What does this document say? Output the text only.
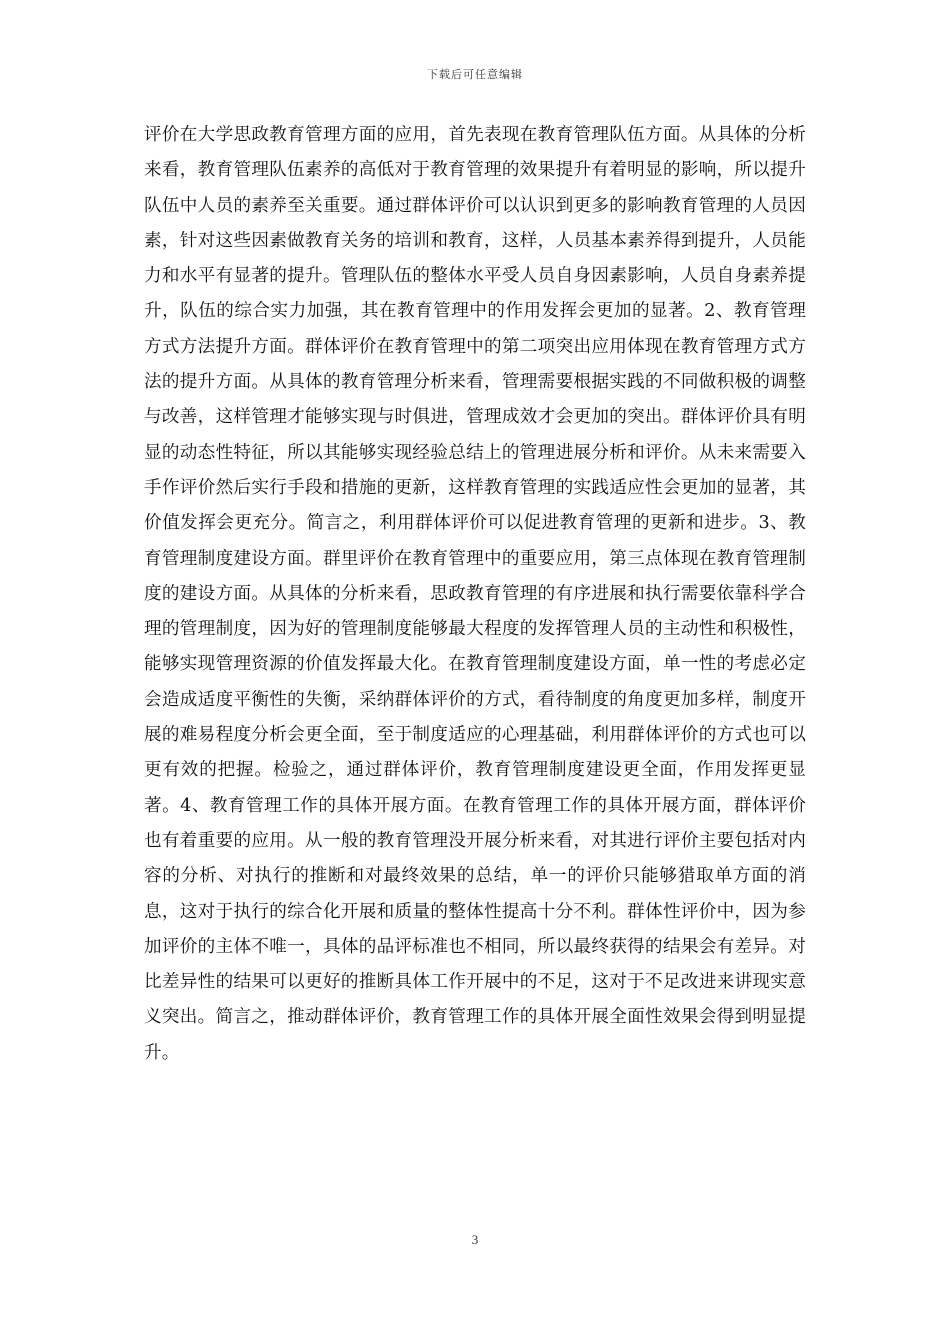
下载后可任意编辑

评价在大学思政教育管理方面的应用，首先表现在教育管理队伍方面。从具体的分析来看，教育管理队伍素养的高低对于教育管理的效果提升有着明显的影响，所以提升队伍中人员的素养至关重要。通过群体评价可以认识到更多的影响教育管理的人员因素，针对这些因素做教育关务的培训和教育，这样，人员基本素养得到提升，人员能力和水平有显著的提升。管理队伍的整体水平受人员自身因素影响，人员自身素养提升，队伍的综合实力加强，其在教育管理中的作用发挥会更加的显著。2、教育管理方式方法提升方面。群体评价在教育管理中的第二项突出应用体现在教育管理方式方法的提升方面。从具体的教育管理分析来看，管理需要根据实践的不同做积极的调整与改善，这样管理才能够实现与时俱进，管理成效才会更加的突出。群体评价具有明显的动态性特征，所以其能够实现经验总结上的管理进展分析和评价。从未来需要入手作评价然后实行手段和措施的更新，这样教育管理的实践适应性会更加的显著，其价值发挥会更充分。简言之，利用群体评价可以促进教育管理的更新和进步。3、教育管理制度建设方面。群里评价在教育管理中的重要应用，第三点体现在教育管理制度的建设方面。从具体的分析来看，思政教育管理的有序进展和执行需要依靠科学合理的管理制度，因为好的管理制度能够最大程度的发挥管理人员的主动性和积极性，能够实现管理资源的价值发挥最大化。在教育管理制度建设方面，单一性的考虑必定会造成适度平衡性的失衡，采纳群体评价的方式，看待制度的角度更加多样，制度开展的难易程度分析会更全面，至于制度适应的心理基础，利用群体评价的方式也可以更有效的把握。检验之，通过群体评价，教育管理制度建设更全面，作用发挥更显著。4、教育管理工作的具体开展方面。在教育管理工作的具体开展方面，群体评价也有着重要的应用。从一般的教育管理没开展分析来看，对其进行评价主要包括对内容的分析、对执行的推断和对最终效果的总结，单一的评价只能够猎取单方面的消息，这对于执行的综合化开展和质量的整体性提高十分不利。群体性评价中，因为参加评价的主体不唯一，具体的品评标准也不相同，所以最终获得的结果会有差异。对比差异性的结果可以更好的推断具体工作开展中的不足，这对于不足改进来讲现实意义突出。简言之，推动群体评价，教育管理工作的具体开展全面性效果会得到明显提升。

3
